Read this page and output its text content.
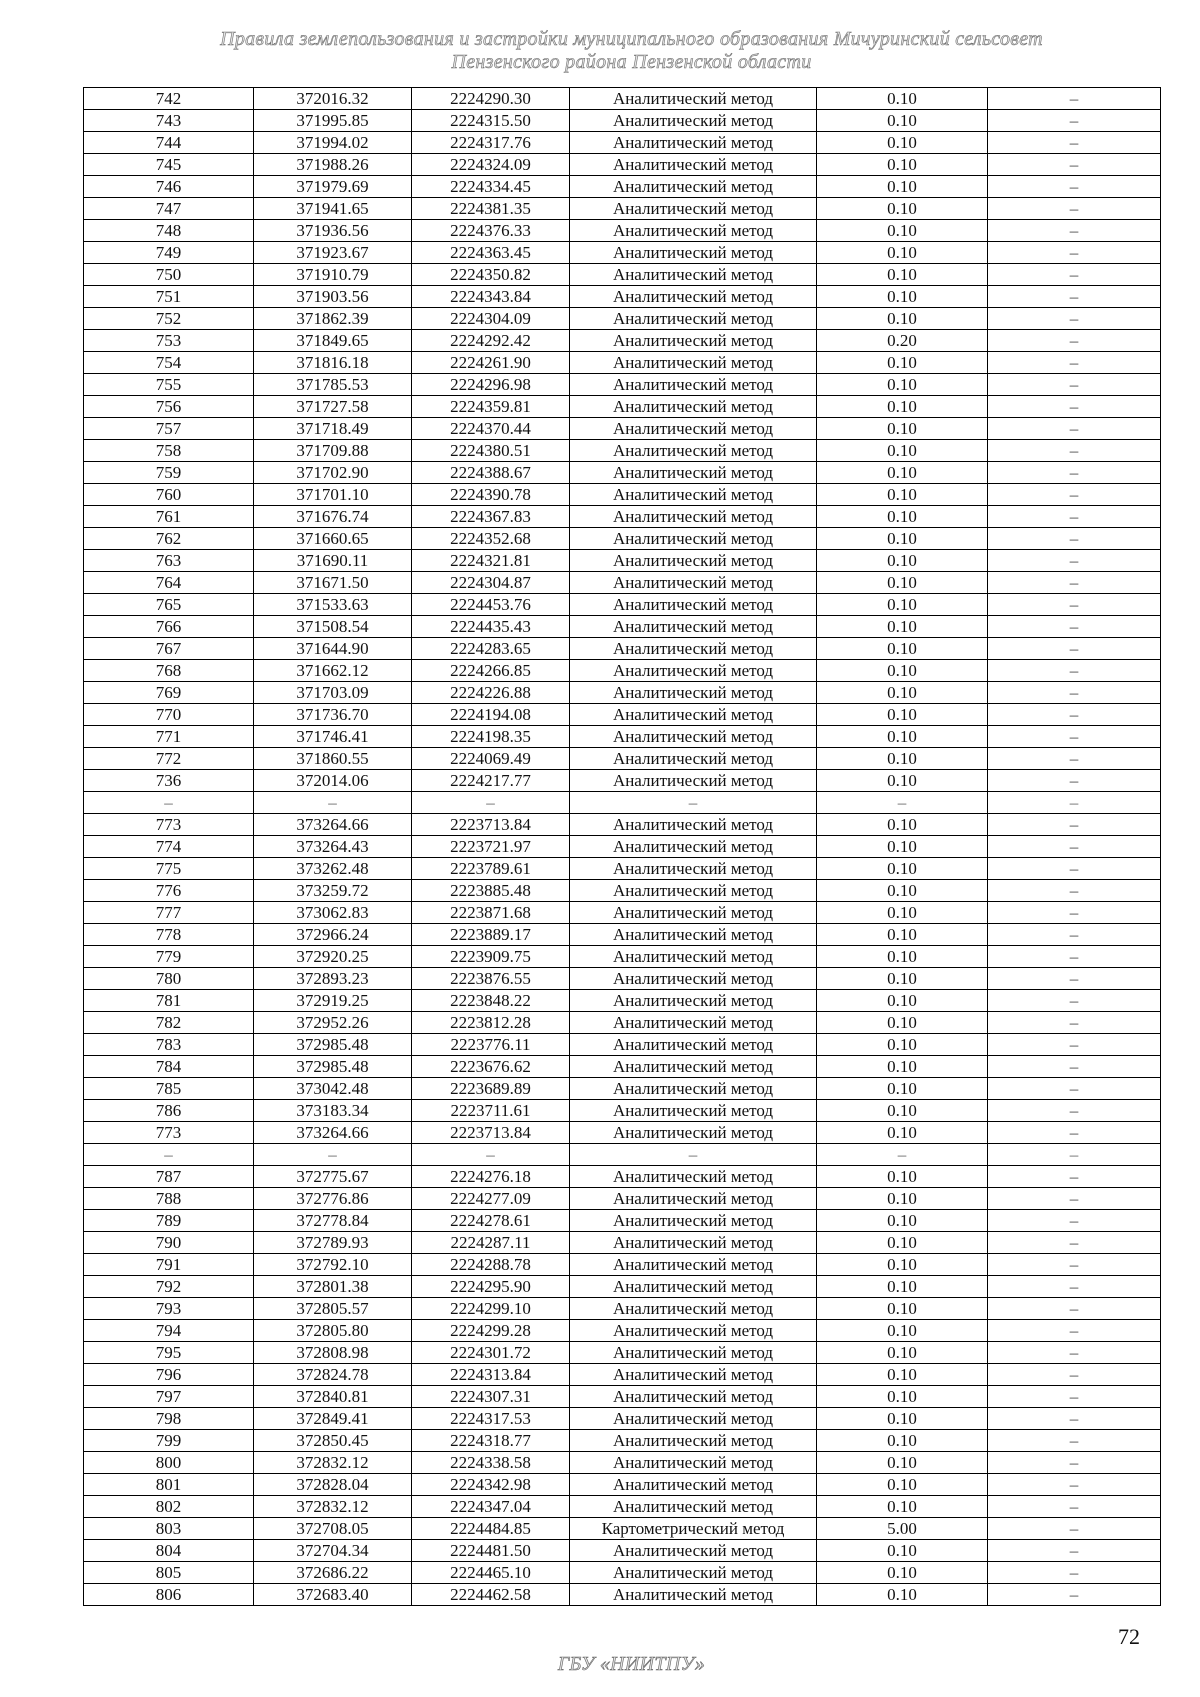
Правила землепользования и застройки муниципального образования Мичуринский сельсовет
Пензенского района Пензенской области
742	372016.32	2224290.30	Аналитический метод	0.10	–
743	371995.85	2224315.50	Аналитический метод	0.10	–
744	371994.02	2224317.76	Аналитический метод	0.10	–
745	371988.26	2224324.09	Аналитический метод	0.10	–
746	371979.69	2224334.45	Аналитический метод	0.10	–
747	371941.65	2224381.35	Аналитический метод	0.10	–
748	371936.56	2224376.33	Аналитический метод	0.10	–
749	371923.67	2224363.45	Аналитический метод	0.10	–
750	371910.79	2224350.82	Аналитический метод	0.10	–
751	371903.56	2224343.84	Аналитический метод	0.10	–
752	371862.39	2224304.09	Аналитический метод	0.10	–
753	371849.65	2224292.42	Аналитический метод	0.20	–
754	371816.18	2224261.90	Аналитический метод	0.10	–
755	371785.53	2224296.98	Аналитический метод	0.10	–
756	371727.58	2224359.81	Аналитический метод	0.10	–
757	371718.49	2224370.44	Аналитический метод	0.10	–
758	371709.88	2224380.51	Аналитический метод	0.10	–
759	371702.90	2224388.67	Аналитический метод	0.10	–
760	371701.10	2224390.78	Аналитический метод	0.10	–
761	371676.74	2224367.83	Аналитический метод	0.10	–
762	371660.65	2224352.68	Аналитический метод	0.10	–
763	371690.11	2224321.81	Аналитический метод	0.10	–
764	371671.50	2224304.87	Аналитический метод	0.10	–
765	371533.63	2224453.76	Аналитический метод	0.10	–
766	371508.54	2224435.43	Аналитический метод	0.10	–
767	371644.90	2224283.65	Аналитический метод	0.10	–
768	371662.12	2224266.85	Аналитический метод	0.10	–
769	371703.09	2224226.88	Аналитический метод	0.10	–
770	371736.70	2224194.08	Аналитический метод	0.10	–
771	371746.41	2224198.35	Аналитический метод	0.10	–
772	371860.55	2224069.49	Аналитический метод	0.10	–
736	372014.06	2224217.77	Аналитический метод	0.10	–
–	–	–	–	–	–
773	373264.66	2223713.84	Аналитический метод	0.10	–
774	373264.43	2223721.97	Аналитический метод	0.10	–
775	373262.48	2223789.61	Аналитический метод	0.10	–
776	373259.72	2223885.48	Аналитический метод	0.10	–
777	373062.83	2223871.68	Аналитический метод	0.10	–
778	372966.24	2223889.17	Аналитический метод	0.10	–
779	372920.25	2223909.75	Аналитический метод	0.10	–
780	372893.23	2223876.55	Аналитический метод	0.10	–
781	372919.25	2223848.22	Аналитический метод	0.10	–
782	372952.26	2223812.28	Аналитический метод	0.10	–
783	372985.48	2223776.11	Аналитический метод	0.10	–
784	372985.48	2223676.62	Аналитический метод	0.10	–
785	373042.48	2223689.89	Аналитический метод	0.10	–
786	373183.34	2223711.61	Аналитический метод	0.10	–
773	373264.66	2223713.84	Аналитический метод	0.10	–
–	–	–	–	–	–
787	372775.67	2224276.18	Аналитический метод	0.10	–
788	372776.86	2224277.09	Аналитический метод	0.10	–
789	372778.84	2224278.61	Аналитический метод	0.10	–
790	372789.93	2224287.11	Аналитический метод	0.10	–
791	372792.10	2224288.78	Аналитический метод	0.10	–
792	372801.38	2224295.90	Аналитический метод	0.10	–
793	372805.57	2224299.10	Аналитический метод	0.10	–
794	372805.80	2224299.28	Аналитический метод	0.10	–
795	372808.98	2224301.72	Аналитический метод	0.10	–
796	372824.78	2224313.84	Аналитический метод	0.10	–
797	372840.81	2224307.31	Аналитический метод	0.10	–
798	372849.41	2224317.53	Аналитический метод	0.10	–
799	372850.45	2224318.77	Аналитический метод	0.10	–
800	372832.12	2224338.58	Аналитический метод	0.10	–
801	372828.04	2224342.98	Аналитический метод	0.10	–
802	372832.12	2224347.04	Аналитический метод	0.10	–
803	372708.05	2224484.85	Картометрический метод	5.00	–
804	372704.34	2224481.50	Аналитический метод	0.10	–
805	372686.22	2224465.10	Аналитический метод	0.10	–
806	372683.40	2224462.58	Аналитический метод	0.10	–
72
ГБУ «НИИТПУ»
